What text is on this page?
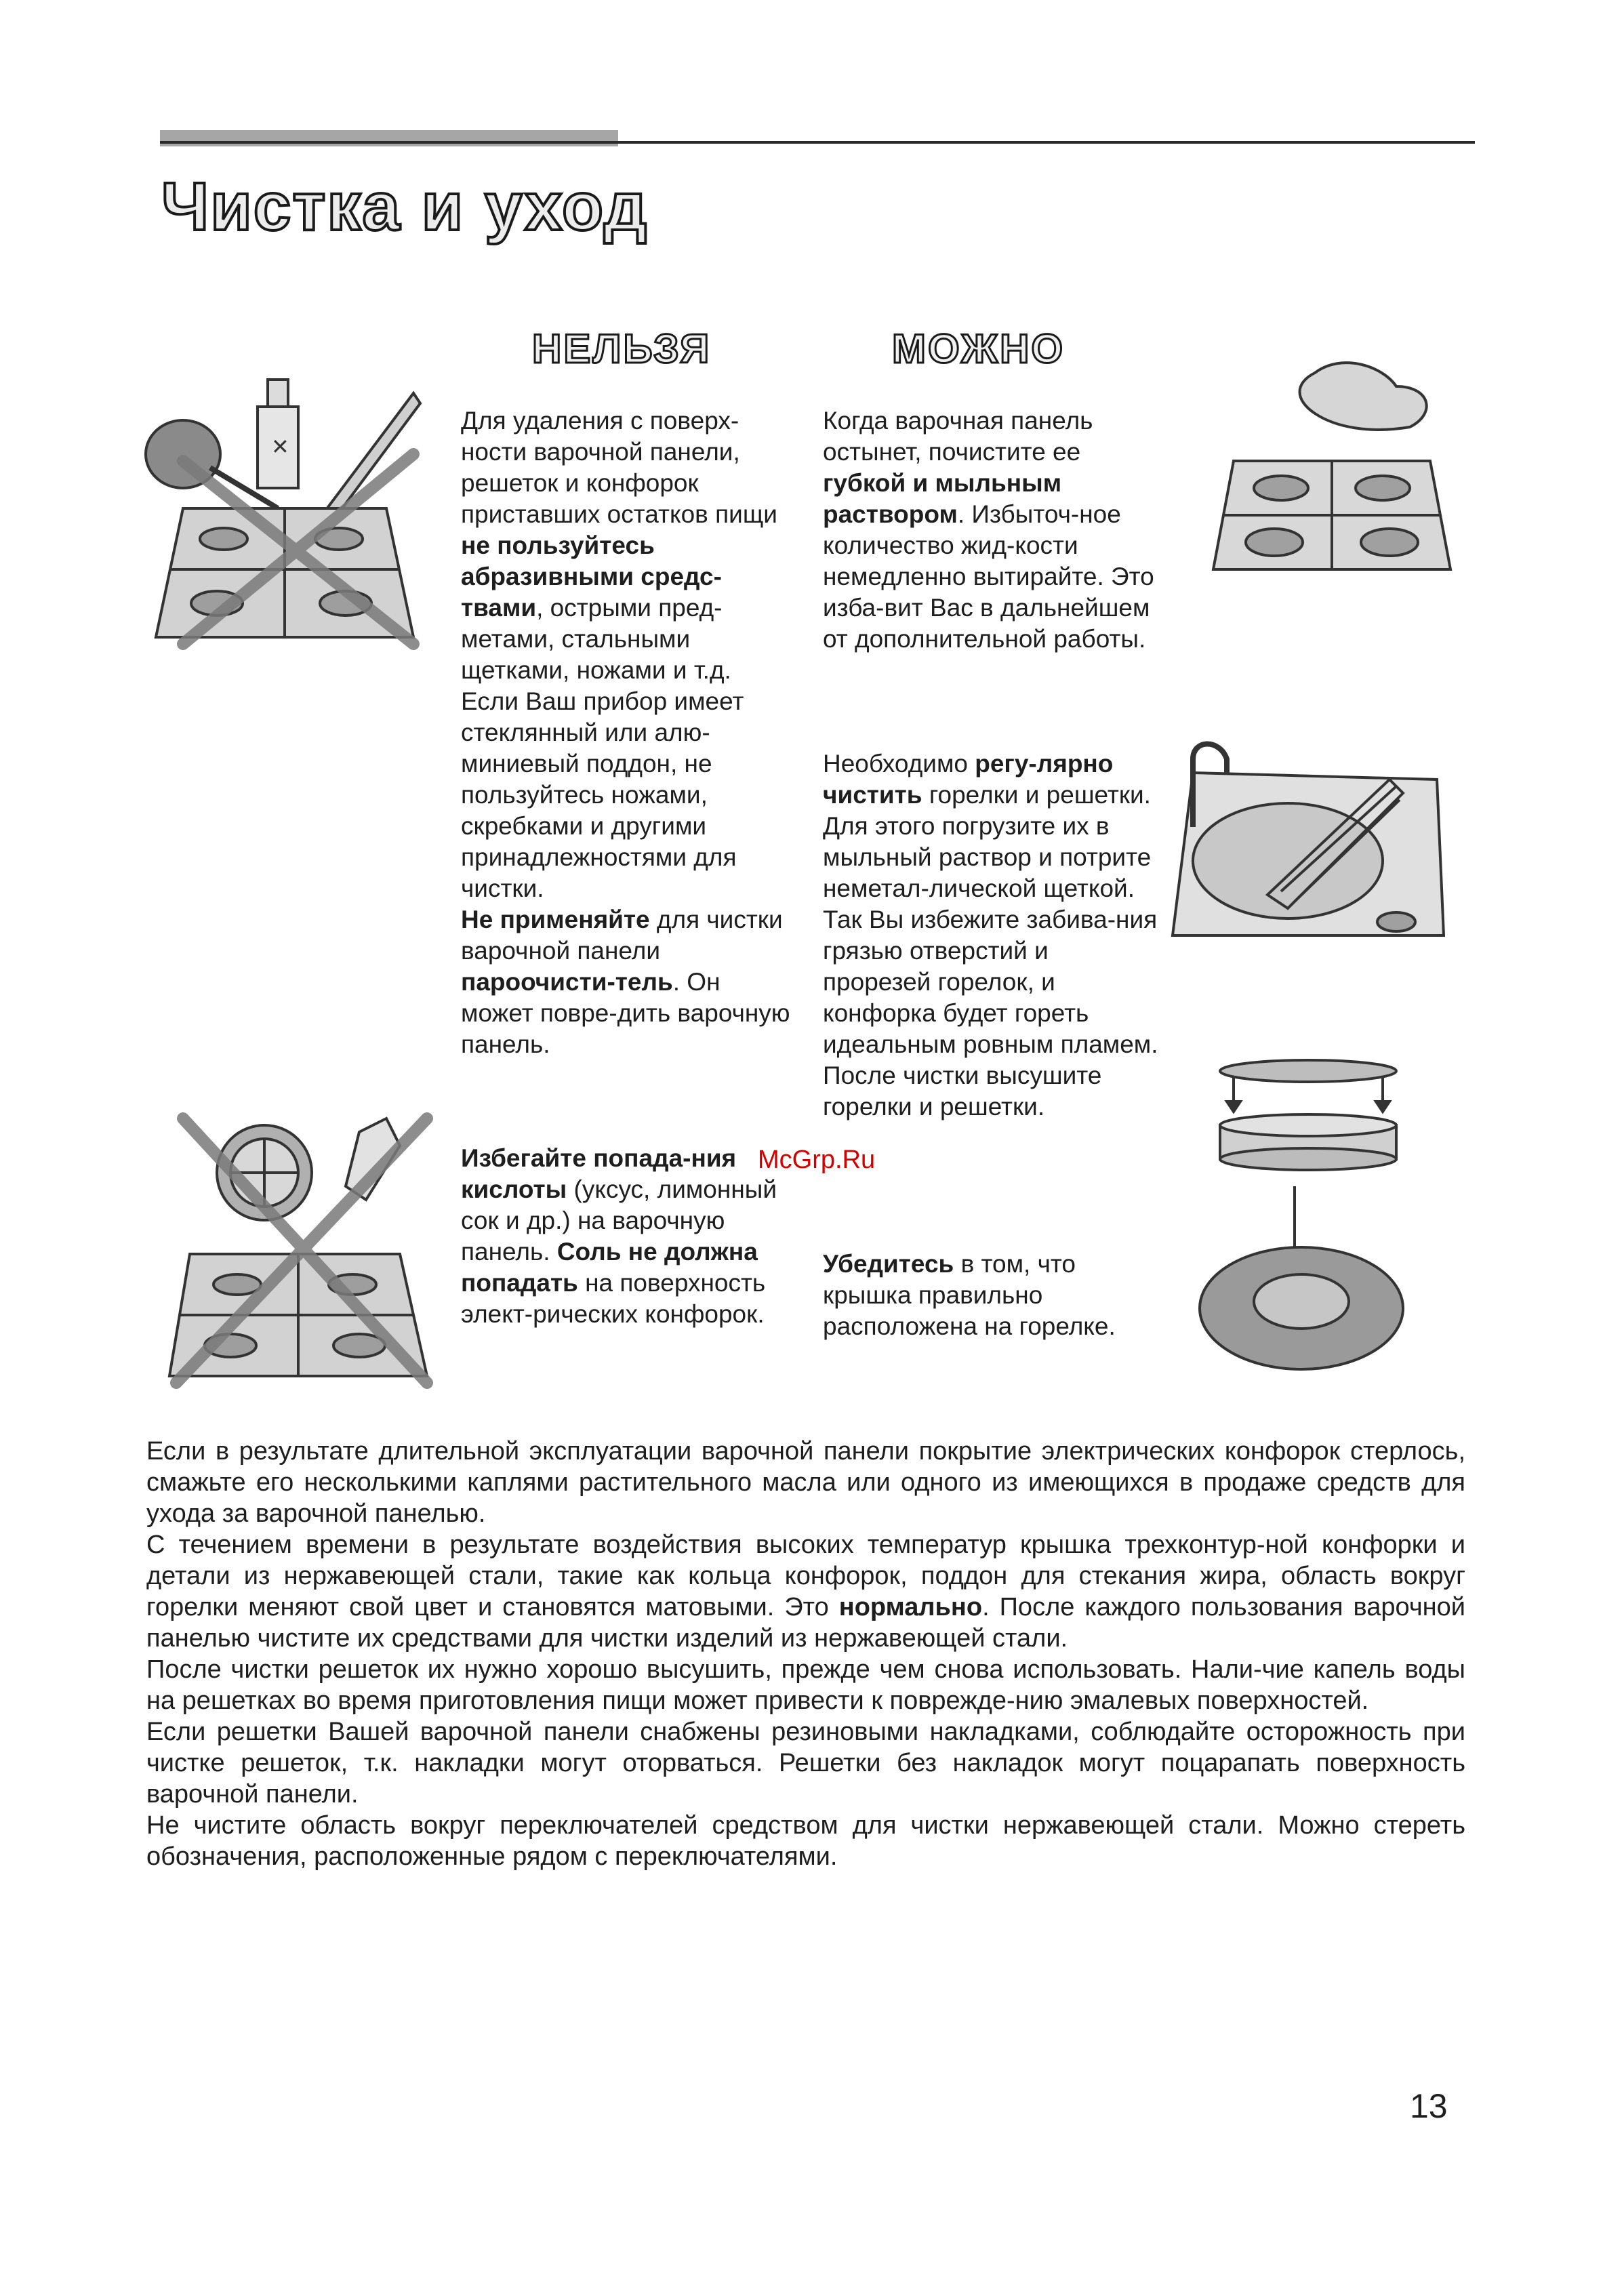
Чистка и уход
НЕЛЬЗЯ	МОЖНО
✕

Для удаления с поверх-ности варочной панели, решеток и конфорок приставших остатков пищи не пользуйтесь абразивными средс-твами, острыми пред-метами, стальными щетками, ножами и т.д. Если Ваш прибор имеет стеклянный или алю-миниевый поддон, не пользуйтесь ножами, скребками и другими принадлежностями для чистки.

Не применяйте для чистки варочной панели пароочисти-тель. Он может повре-дить варочную панель.

Избегайте попада-ния кислоты (уксус, лимонный сок и др.) на варочную панель. Соль не должна попадать на поверхность элект-рических конфорок.

Когда варочная панель остынет, почистите ее губкой и мыльным раствором. Избыточ-ное количество жид-кости немедленно вытирайте. Это изба-вит Вас в дальнейшем от дополнительной работы.

Необходимо регу-лярно чистить горелки и решетки. Для этого погрузите их в мыльный раствор и потрите неметал-лической щеткой. Так Вы избежите забива-ния грязью отверстий и прорезей горелок, и конфорка будет гореть идеальным ровным пламем. После чистки высушите горелки и решетки.

Убедитесь в том, что крышка правильно расположена на горелке.

McGrp.Ru

Если в результате длительной эксплуатации варочной панели покрытие электрических конфорок стерлось, смажьте его несколькими каплями растительного масла или одного из имеющихся в продаже средств для ухода за варочной панелью.

С течением времени в результате воздействия высоких температур крышка трехконтур-ной конфорки и детали из нержавеющей стали, такие как кольца конфорок, поддон для стекания жира, область вокруг горелки меняют свой цвет и становятся матовыми. Это нормально. После каждого пользования варочной панелью чистите их средствами для чистки изделий из нержавеющей стали.

После чистки решеток их нужно хорошо высушить, прежде чем снова использовать. Нали-чие капель воды на решетках во время приготовления пищи может привести к поврежде-нию эмалевых поверхностей.

Если решетки Вашей варочной панели снабжены резиновыми накладками, соблюдайте осторожность при чистке решеток, т.к. накладки могут оторваться. Решетки без накладок могут поцарапать поверхность варочной панели.

Не чистите область вокруг переключателей средством для чистки нержавеющей стали. Можно стереть обозначения, расположенные рядом с переключателями.

13
